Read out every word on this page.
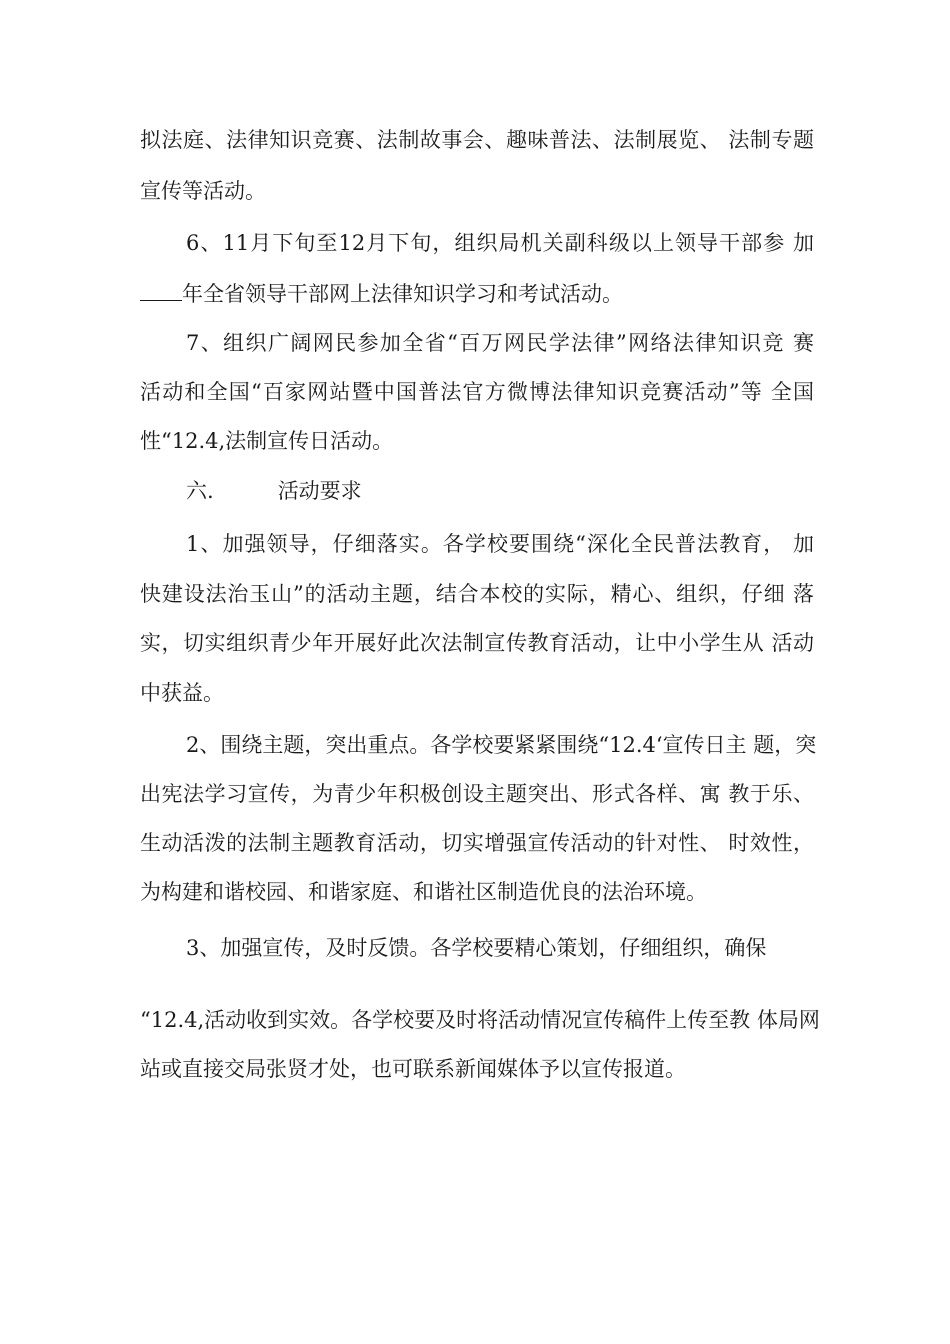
拟法庭、法律知识竞赛、法制故事会、趣味普法、法制展览、 法制专题
宣传等活动。
6、11月下旬至12月下旬，组织局机关副科级以上领导干部参 加
年全省领导干部网上法律知识学习和考试活动。
7、组织广阔网民参加全省“百万网民学法律”网络法律知识竞 赛
活动和全国“百家网站暨中国普法官方微博法律知识竞赛活动”等 全国
性“12.4,法制宣传日活动。
六.	活动要求
1、加强领导，仔细落实。各学校要围绕“深化全民普法教育， 加
快建设法治玉山”的活动主题，结合本校的实际，精心、组织，仔细 落
实，切实组织青少年开展好此次法制宣传教育活动，让中小学生从 活动
中获益。
2、围绕主题，突出重点。各学校要紧紧围绕“12.4‘宣传日主 题，突
出宪法学习宣传，为青少年积极创设主题突出、形式各样、寓 教于乐、
生动活泼的法制主题教育活动，切实增强宣传活动的针对性、 时效性，
为构建和谐校园、和谐家庭、和谐社区制造优良的法治环境。
3、加强宣传，及时反馈。各学校要精心策划，仔细组织，确保
“12.4,活动收到实效。各学校要及时将活动情况宣传稿件上传至教 体局网
站或直接交局张贤才处，也可联系新闻媒体予以宣传报道。
